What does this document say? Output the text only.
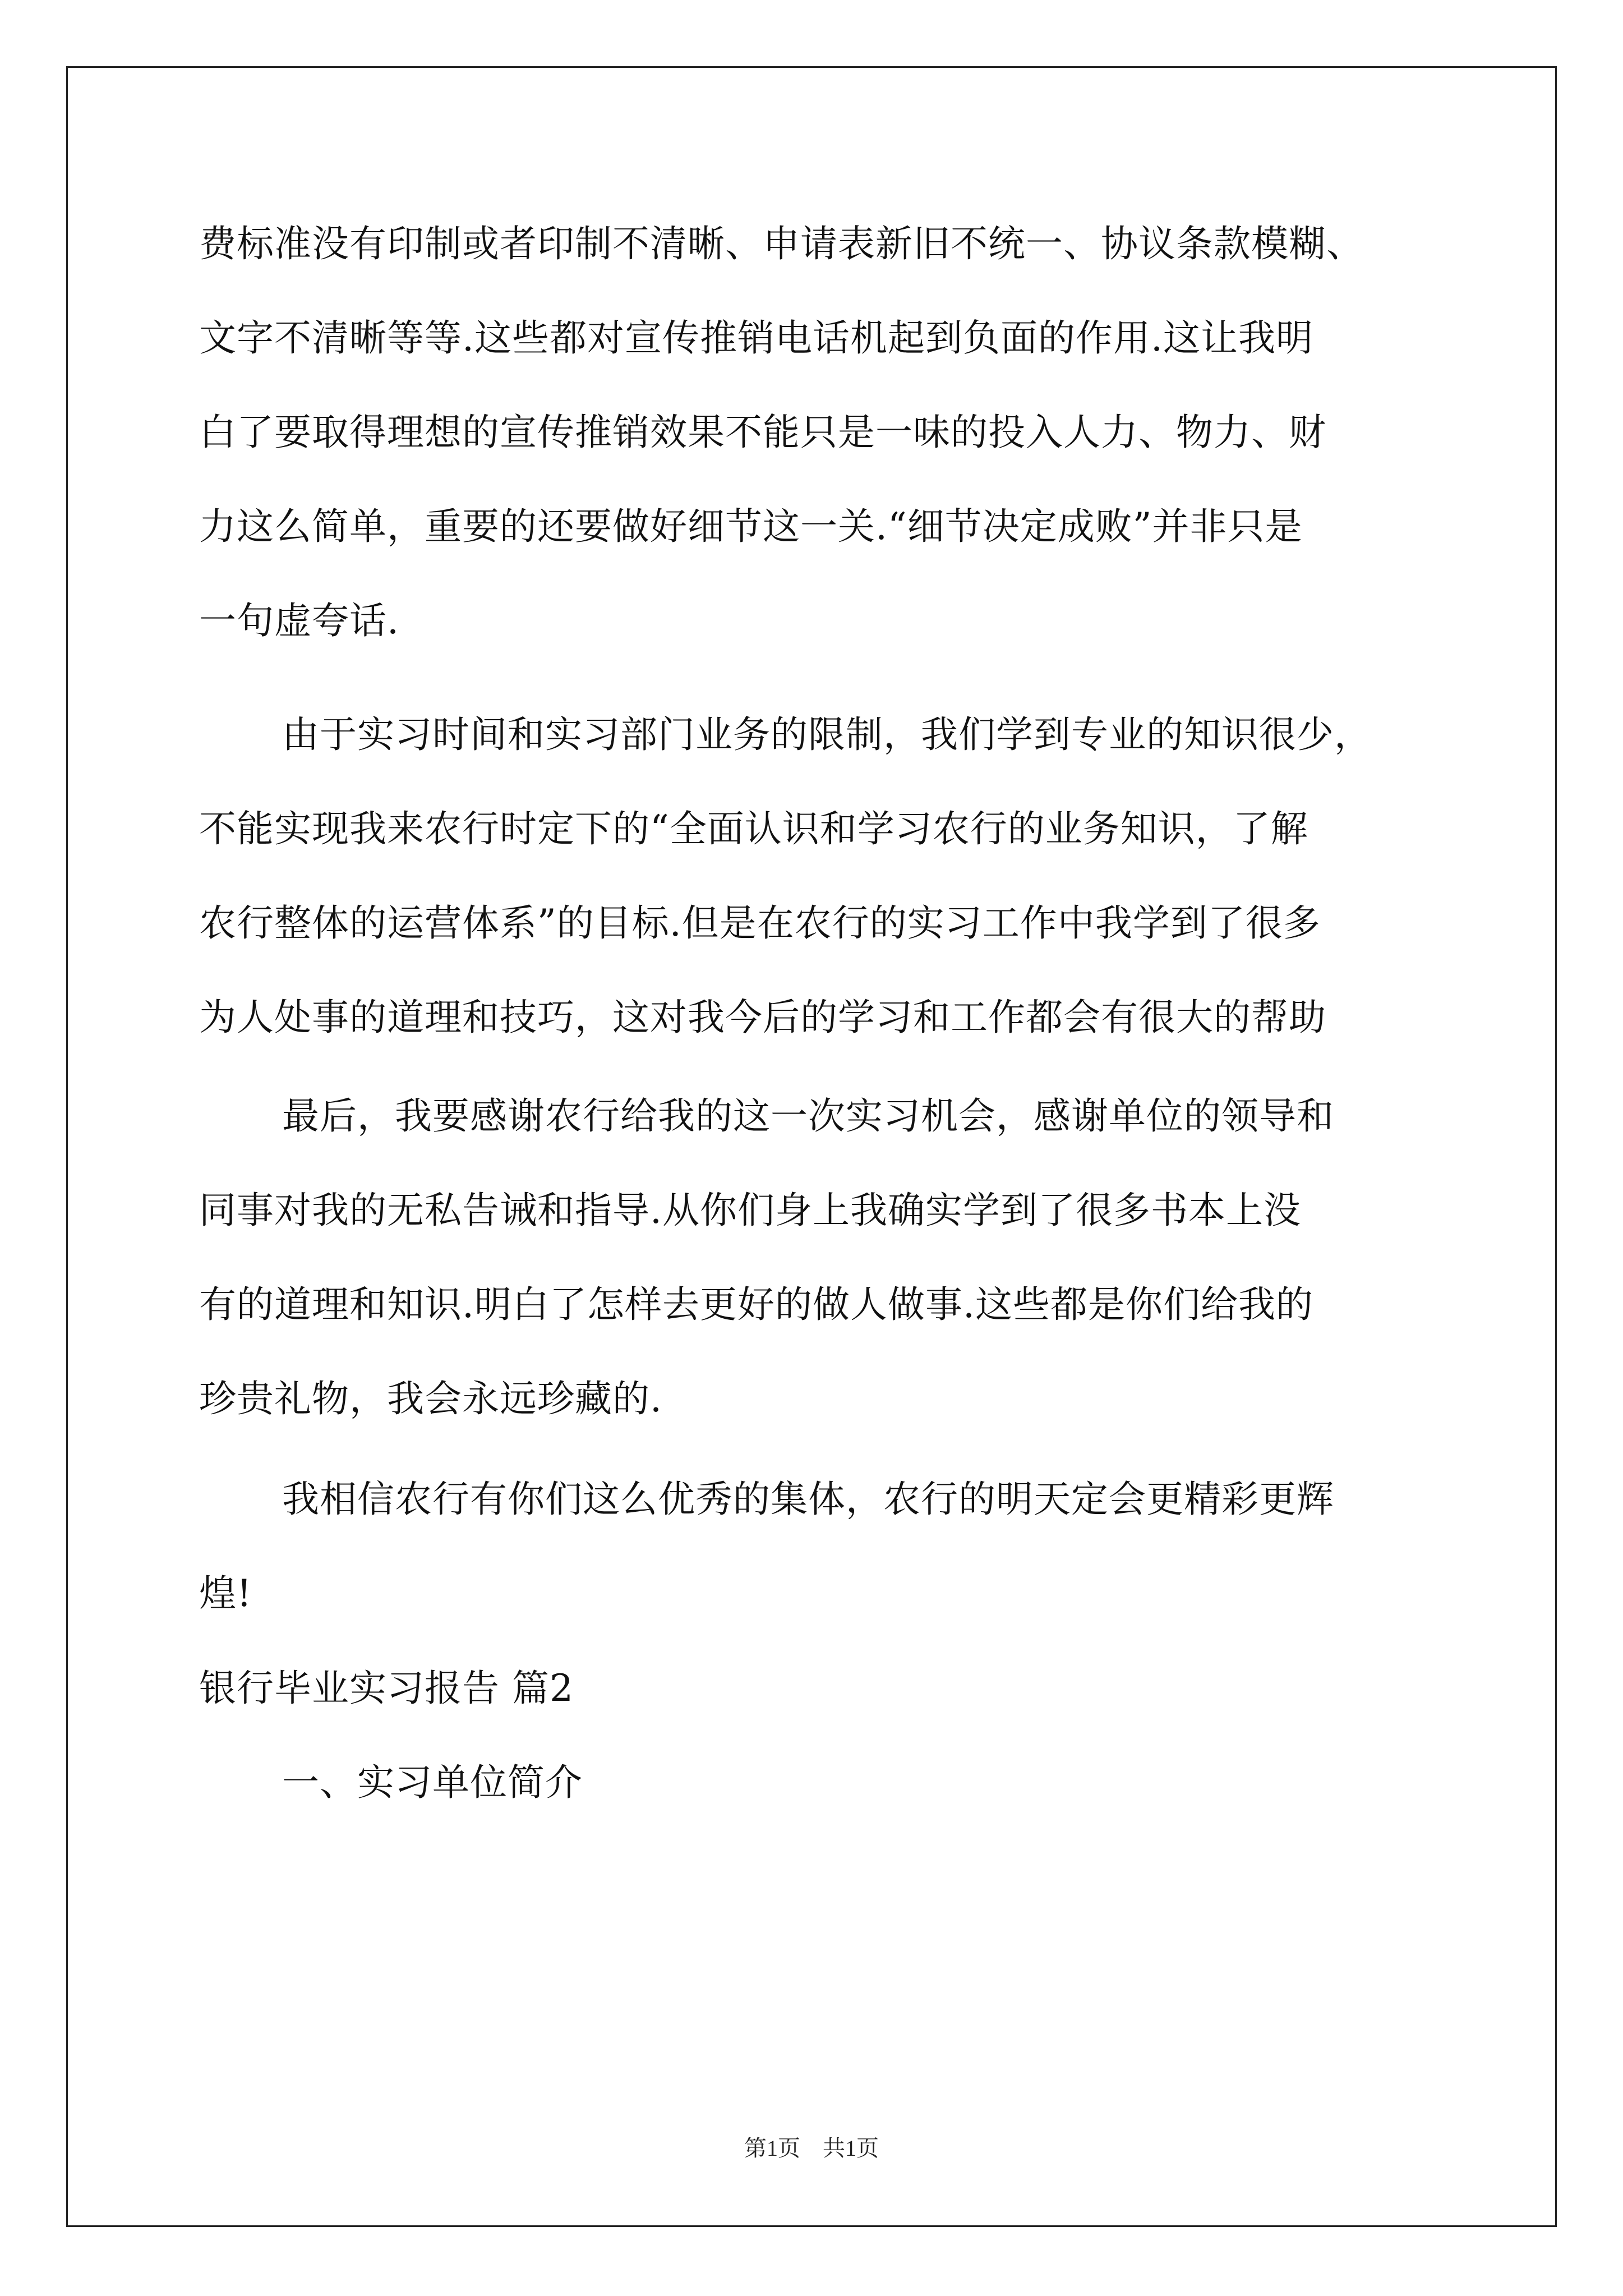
费标准没有印制或者印制不清晰、申请表新旧不统一、协议条款模糊、
文字不清晰等等.这些都对宣传推销电话机起到负面的作用.这让我明
白了要取得理想的宣传推销效果不能只是一味的投入人力、物力、财
力这么简单，重要的还要做好细节这一关.“细节决定成败”并非只是
一句虚夸话.
由于实习时间和实习部门业务的限制，我们学到专业的知识很少，
不能实现我来农行时定下的“全面认识和学习农行的业务知识，了解
农行整体的运营体系”的目标.但是在农行的实习工作中我学到了很多
为人处事的道理和技巧，这对我今后的学习和工作都会有很大的帮助
最后，我要感谢农行给我的这一次实习机会，感谢单位的领导和
同事对我的无私告诫和指导.从你们身上我确实学到了很多书本上没
有的道理和知识.明白了怎样去更好的做人做事.这些都是你们给我的
珍贵礼物，我会永远珍藏的.
我相信农行有你们这么优秀的集体，农行的明天定会更精彩更辉
煌!
银行毕业实习报告 篇2
一、实习单位简介
第1页　共1页
